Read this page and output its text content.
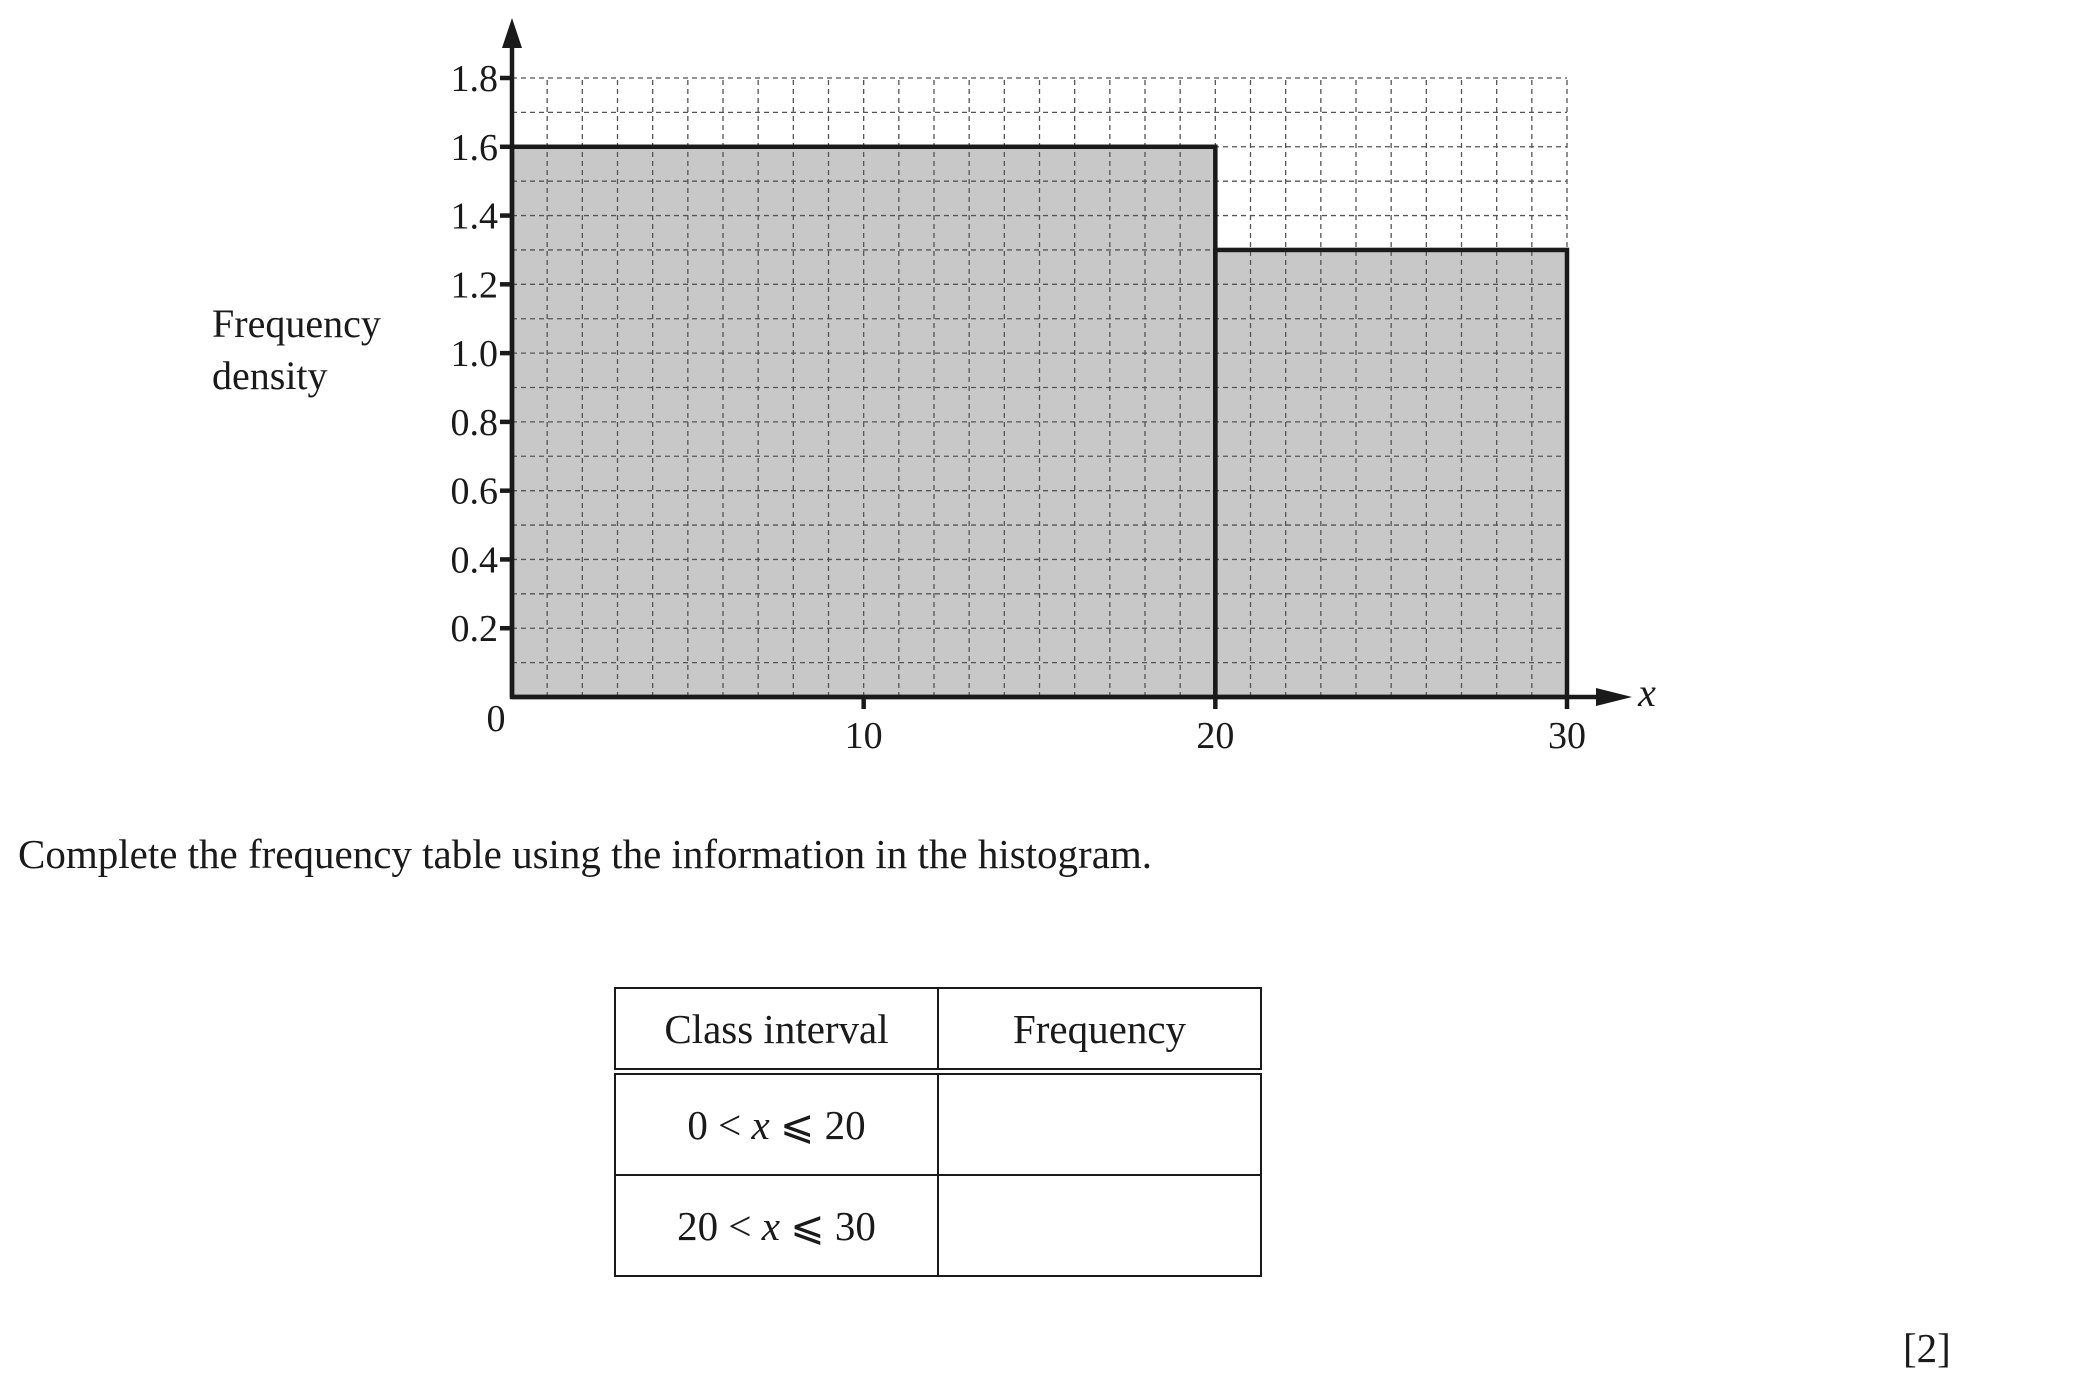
0.2
0.4
0.6
0.8
1.0
1.2
1.4
1.6
1.8
10	20	30
0
x
Frequency
density
Complete the frequency table using the information in the histogram.
Class interval	Frequency
0 < x ⩽ 20	
20 < x ⩽ 30	
[2]
